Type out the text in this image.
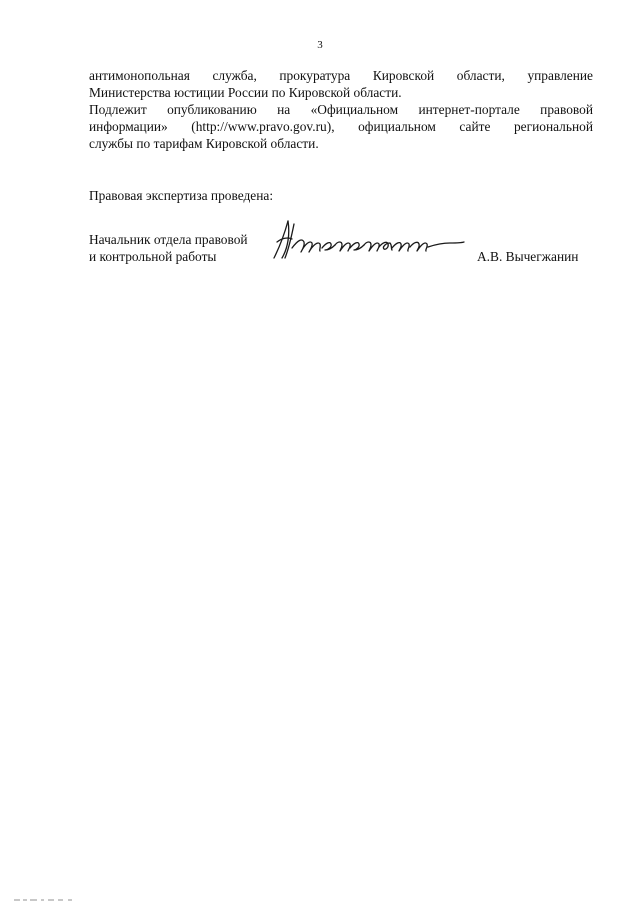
3
антимонопольная служба, прокуратура Кировской области, управление
Министерства юстиции России по Кировской области.
Подлежит опубликованию на «Официальном интернет-портале правовой
информации» (http://www.pravo.gov.ru), официальном сайте региональной
службы по тарифам Кировской области.
Правовая экспертиза проведена:
Начальник отдела правовой
и контрольной работы	А.В. Вычегжанин
